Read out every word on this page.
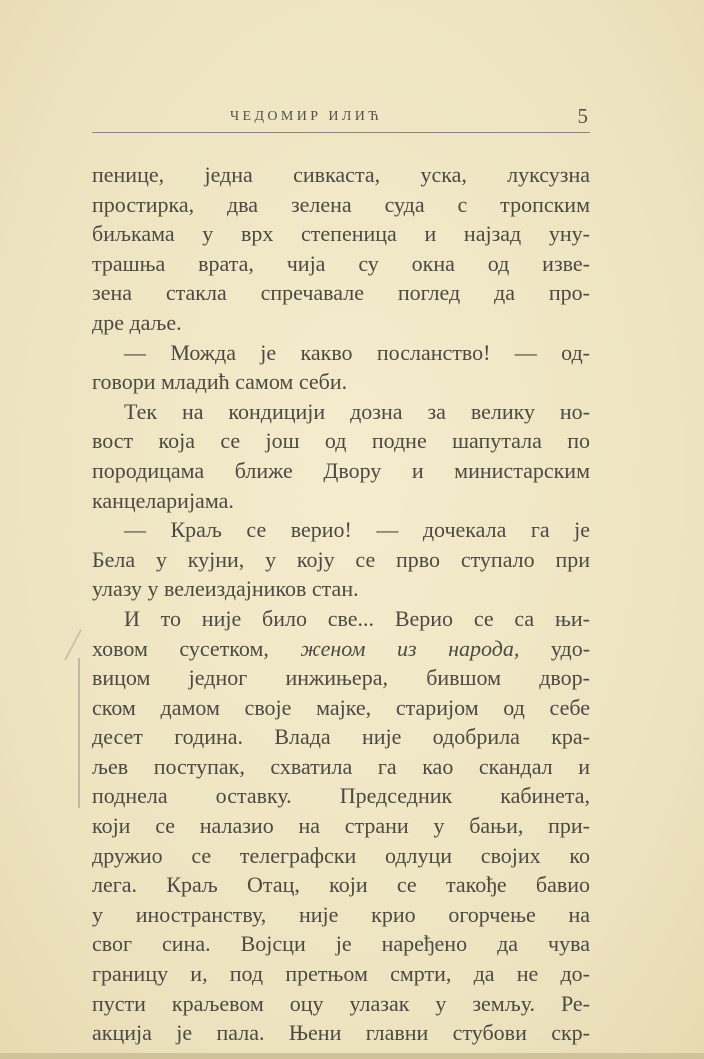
ЧЕДОМИР ИЛИЋ	5
пенице, једна сивкаста, уска, луксузна
простирка, два зелена суда с тропским
биљкама у врх степеница и најзад уну-
трашња врата, чија су окна од изве-
зена стакла спречавале поглед да про-
дре даље.
— Можда је какво посланство! — од-
говори младић самом себи.
Тек на кондицији дозна за велику но-
вост која се још од подне шапутала по
породицама ближе Двору и министарским
канцеларијама.
— Краљ се верио! — дочекала га је
Бела у кујни, у коју се прво ступало при
улазу у велеиздајников стан.
И то није било све... Верио се са њи-
ховом сусетком, женом из народа, удо-
вицом једног инжињера, бившом двор-
ском дамом своје мајке, старијом од себе
десет година. Влада није одобрила кра-
љев поступак, схватила га као скандал и
поднела оставку. Председник кабинета,
који се налазио на страни у бањи, при-
дружио се телеграфски одлуци својих ко
лега. Краљ Отац, који се такође бавио
у иностранству, није крио огорчење на
свог сина. Војсци је наређено да чува
границу и, под претњом смрти, да не до-
пусти краљевом оцу улазак у земљу. Ре-
акција је пала. Њени главни стубови скр-
